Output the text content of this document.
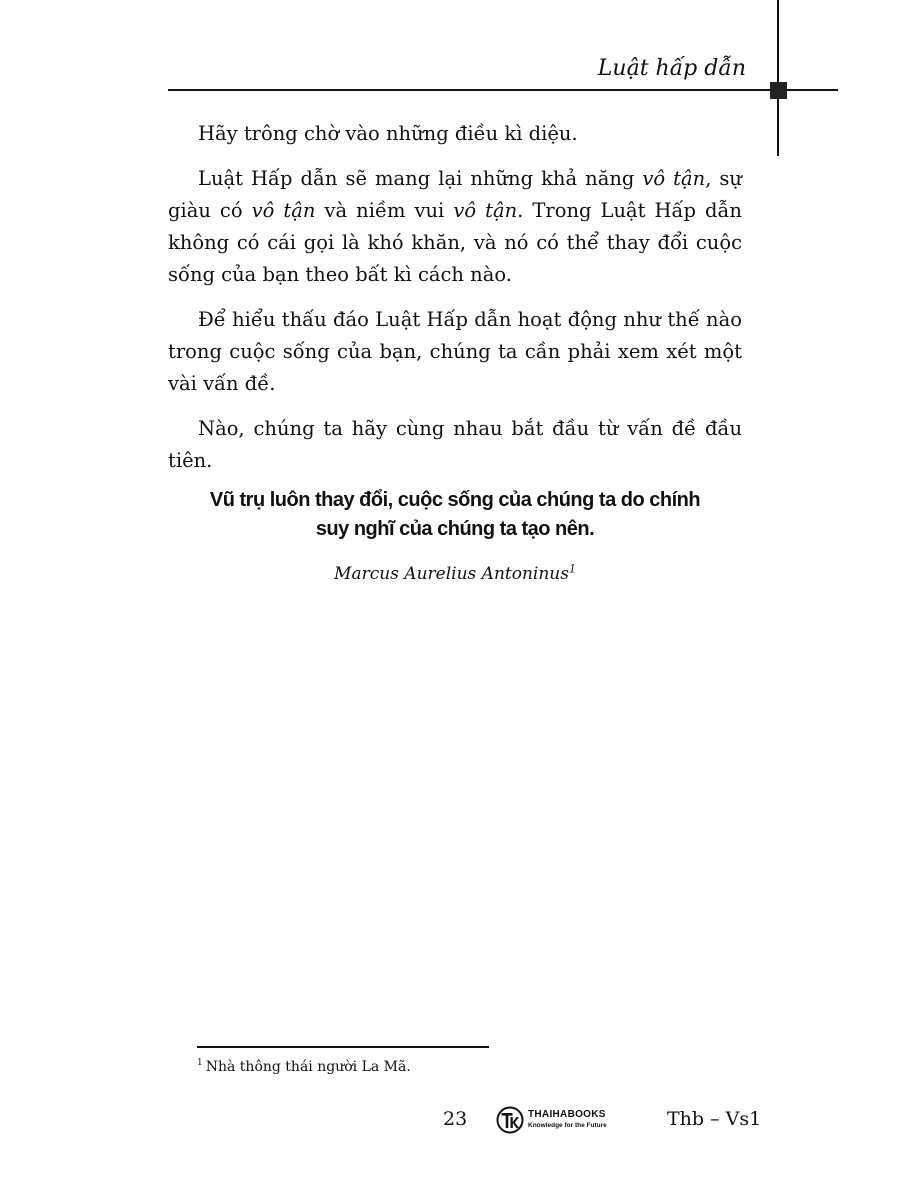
Luật hấp dẫn

Hãy trông chờ vào những điều kì diệu.

Luật Hấp dẫn sẽ mang lại những khả năng vô tận, sự giàu có vô tận và niềm vui vô tận. Trong Luật Hấp dẫn không có cái gọi là khó khăn, và nó có thể thay đổi cuộc sống của bạn theo bất kì cách nào.

Để hiểu thấu đáo Luật Hấp dẫn hoạt động như thế nào trong cuộc sống của bạn, chúng ta cần phải xem xét một vài vấn đề.

Nào, chúng ta hãy cùng nhau bắt đầu từ vấn đề đầu tiên.

Vũ trụ luôn thay đổi, cuộc sống của chúng ta do chính
suy nghĩ của chúng ta tạo nên.
Marcus Aurelius Antoninus$^1$
$^1$ Nhà thông thái người La Mã.
23	THAIHABOOKS
Knowledge for the Future	Thb – Vs1
